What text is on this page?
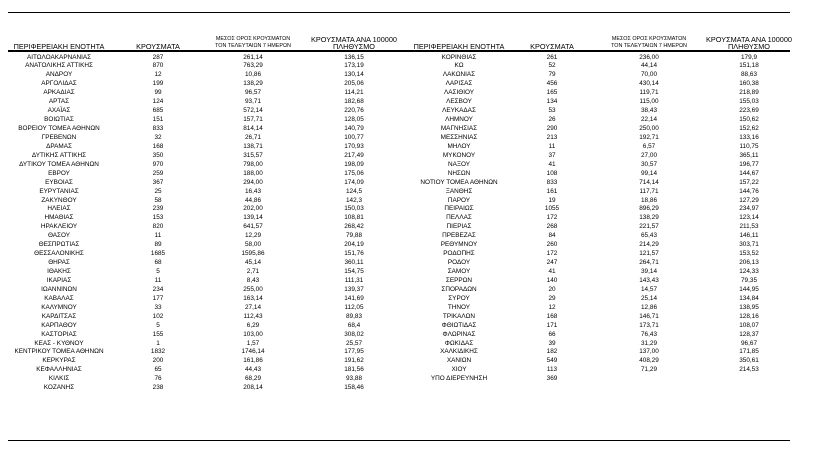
ΠΕΡΙΦΕΡΕΙΑΚΗ ΕΝΟΤΗΤΑ	ΚΡΟΥΣΜΑΤΑ
ΜΕΣΟΣ ΟΡΟΣ ΚΡΟΥΣΜΑΤΩΝ
ΤΟΝ ΤΕΛΕΥΤΑΙΩΝ 7 ΗΜΕΡΩΝ
ΚΡΟΥΣΜΑΤΑ ΑΝΑ 100000
ΠΛΗΘΥΣΜΟ
ΑΙΤΩΛΟΑΚΑΡΝΑΝΙΑΣ	287	261,14	136,15
ΑΝΑΤΟΛΙΚΗΣ ΑΤΤΙΚΗΣ	870	763,29	173,19
ΑΝΔΡΟΥ	12	10,86	130,14
ΑΡΓΟΛΙΔΑΣ	199	138,29	205,06
ΑΡΚΑΔΙΑΣ	99	96,57	114,21
ΑΡΤΑΣ	124	93,71	182,68
ΑΧΑΪΑΣ	685	572,14	220,76
ΒΟΙΩΤΙΑΣ	151	157,71	128,05
ΒΟΡΕΙΟΥ ΤΟΜΕΑ ΑΘΗΝΩΝ	833	814,14	140,79
ΓΡΕΒΕΝΩΝ	32	26,71	100,77
ΔΡΑΜΑΣ	168	138,71	170,93
ΔΥΤΙΚΗΣ ΑΤΤΙΚΗΣ	350	315,57	217,49
ΔΥΤΙΚΟΥ ΤΟΜΕΑ ΑΘΗΝΩΝ	970	798,00	198,09
ΕΒΡΟΥ	259	188,00	175,06
ΕΥΒΟΙΑΣ	367	294,00	174,09
ΕΥΡΥΤΑΝΙΑΣ	25	16,43	124,5
ΖΑΚΥΝΘΟΥ	58	44,86	142,3
ΗΛΕΙΑΣ	239	202,00	150,03
ΗΜΑΘΙΑΣ	153	139,14	108,81
ΗΡΑΚΛΕΙΟΥ	820	641,57	268,42
ΘΑΣΟΥ	11	12,29	79,88
ΘΕΣΠΡΩΤΙΑΣ	89	58,00	204,19
ΘΕΣΣΑΛΟΝΙΚΗΣ	1685	1595,86	151,76
ΘΗΡΑΣ	68	45,14	360,11
ΙΘΑΚΗΣ	5	2,71	154,75
ΙΚΑΡΙΑΣ	11	8,43	111,31
ΙΩΑΝΝΙΝΩΝ	234	255,00	139,37
ΚΑΒΑΛΑΣ	177	163,14	141,69
ΚΑΛΥΜΝΟΥ	33	27,14	112,05
ΚΑΡΔΙΤΣΑΣ	102	112,43	89,83
ΚΑΡΠΑΘΟΥ	5	6,29	68,4
ΚΑΣΤΟΡΙΑΣ	155	103,00	308,02
ΚΕΑΣ - ΚΥΘΝΟΥ	1	1,57	25,57
ΚΕΝΤΡΙΚΟΥ ΤΟΜΕΑ ΑΘΗΝΩΝ	1832	1746,14	177,95
ΚΕΡΚΥΡΑΣ	200	161,86	191,62
ΚΕΦΑΛΛΗΝΙΑΣ	65	44,43	181,56
ΚΙΛΚΙΣ	76	68,29	93,88
ΚΟΖΑΝΗΣ	238	208,14	158,46
ΠΕΡΙΦΕΡΕΙΑΚΗ ΕΝΟΤΗΤΑ	ΚΡΟΥΣΜΑΤΑ
ΜΕΣΟΣ ΟΡΟΣ ΚΡΟΥΣΜΑΤΩΝ
ΤΟΝ ΤΕΛΕΥΤΑΙΩΝ 7 ΗΜΕΡΩΝ
ΚΡΟΥΣΜΑΤΑ ΑΝΑ 100000
ΠΛΗΘΥΣΜΟ
ΚΟΡΙΝΘΙΑΣ	261	236,00	179,9
ΚΩ	52	44,14	151,18
ΛΑΚΩΝΙΑΣ	79	70,00	88,63
ΛΑΡΙΣΑΣ	456	430,14	160,38
ΛΑΣΙΘΙΟΥ	165	119,71	218,89
ΛΕΣΒΟΥ	134	115,00	155,03
ΛΕΥΚΑΔΑΣ	53	38,43	223,69
ΛΗΜΝΟΥ	26	22,14	150,62
ΜΑΓΝΗΣΙΑΣ	290	250,00	152,62
ΜΕΣΣΗΝΙΑΣ	213	192,71	133,16
ΜΗΛΟΥ	11	6,57	110,75
ΜΥΚΟΝΟΥ	37	27,00	365,11
ΝΑΞΟΥ	41	30,57	196,77
ΝΗΣΩΝ	108	99,14	144,67
ΝΟΤΙΟΥ ΤΟΜΕΑ ΑΘΗΝΩΝ	833	714,14	157,22
ΞΑΝΘΗΣ	161	117,71	144,76
ΠΑΡΟΥ	19	18,86	127,29
ΠΕΙΡΑΙΩΣ	1055	896,29	234,97
ΠΕΛΛΑΣ	172	138,29	123,14
ΠΙΕΡΙΑΣ	268	221,57	211,53
ΠΡΕΒΕΖΑΣ	84	65,43	146,11
ΡΕΘΥΜΝΟΥ	260	214,29	303,71
ΡΟΔΟΠΗΣ	172	121,57	153,52
ΡΟΔΟΥ	247	264,71	206,13
ΣΑΜΟΥ	41	39,14	124,33
ΣΕΡΡΩΝ	140	143,43	79,35
ΣΠΟΡΑΔΩΝ	20	14,57	144,95
ΣΥΡΟΥ	29	25,14	134,84
ΤΗΝΟΥ	12	12,86	138,95
ΤΡΙΚΑΛΩΝ	168	146,71	128,16
ΦΘΙΩΤΙΔΑΣ	171	173,71	108,07
ΦΛΩΡΙΝΑΣ	66	76,43	128,37
ΦΩΚΙΔΑΣ	39	31,29	96,67
ΧΑΛΚΙΔΙΚΗΣ	182	137,00	171,85
ΧΑΝΙΩΝ	549	408,29	350,61
ΧΙΟΥ	113	71,29	214,53
ΥΠΟ ΔΙΕΡΕΥΝΗΣΗ	369
